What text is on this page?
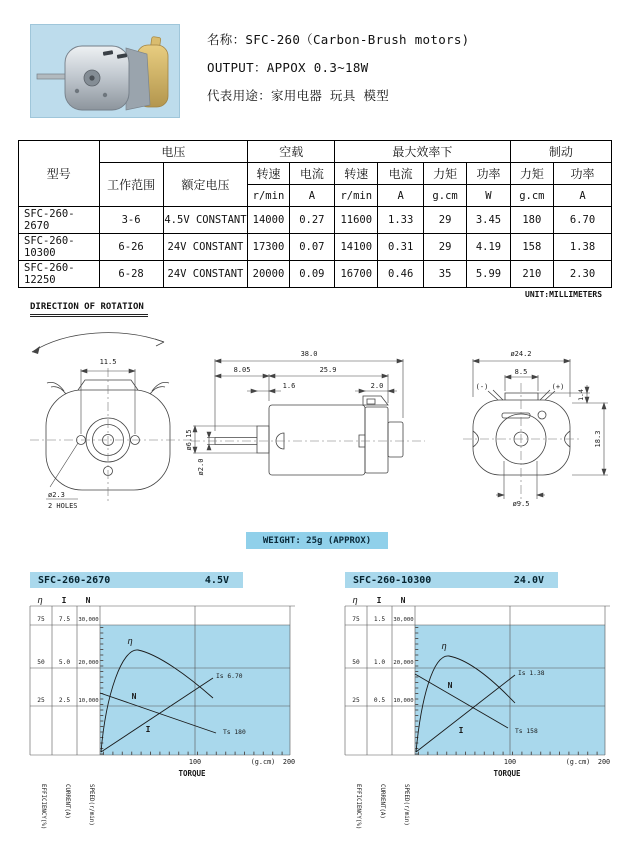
名称：SFC-260（Carbon-Brush motors)
OUTPUT：APPOX 0.3~18W
代表用途：家用电器 玩具 模型
型号	电压		空载		最大效率下				制动	
	工作范围	额定电压	转速	电流	转速	电流	力矩	功率	力矩	功率
			r/min	A	r/min	A	g.cm	W	g.cm	A
SFC-260-2670	3-6	4.5V CONSTANT	14000	0.27	11600	1.33	29	3.45	180	6.70
SFC-260-10300	6-26	24V CONSTANT	17300	0.07	14100	0.31	29	4.19	158	1.38
SFC-260-12250	6-28	24V CONSTANT	20000	0.09	16700	0.46	35	5.99	210	2.30
DIRECTION OF ROTATION
UNIT:MILLIMETERS
11.5
ø2.3
2 HOLES
38.0
8.05	25.9
1.6	2.0
ø6.15
ø2.0
ø24.2
8.5
(-)	(+)
1.4
18.3
ø9.5
WEIGHT: 25g (APPROX)
SFC-260-2670	4.5V
η I N
75
50
25
7.5
5.0
2.5
30,000
20,000
10,000
η
N
I
Is 6.70
Ts 180
100	(g.cm) 200
TORQUE
EFFICIENCY(%)	CURRENT(A)	SPEED(r/min)
SFC-260-10300	24.0V
η I N
75
50
25
1.5
1.0
0.5
30,000
20,000
10,000
η
N
I
Is 1.38
Ts 158
100	(g.cm) 200
TORQUE
EFFICIENCY(%)	CURRENT(A)	SPEED(r/min)
